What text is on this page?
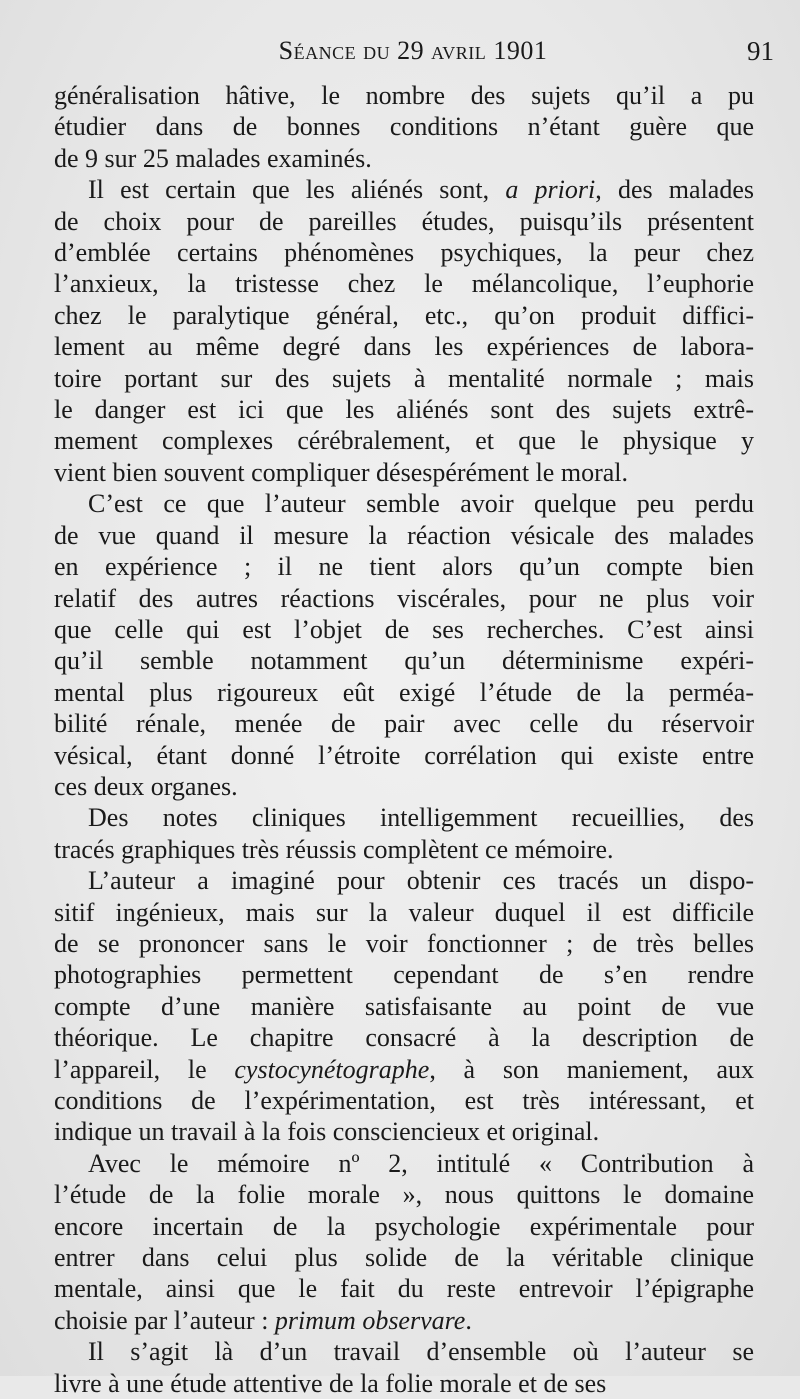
Séance du 29 avril 1901	91
généralisation hâtive, le nombre des sujets qu’il a pu
étudier dans de bonnes conditions n’étant guère que
de 9 sur 25 malades examinés.
Il est certain que les aliénés sont, a priori, des malades
de choix pour de pareilles études, puisqu’ils présentent
d’emblée certains phénomènes psychiques, la peur chez
l’anxieux, la tristesse chez le mélancolique, l’euphorie
chez le paralytique général, etc., qu’on produit diffici-
lement au même degré dans les expériences de labora-
toire portant sur des sujets à mentalité normale ; mais
le danger est ici que les aliénés sont des sujets extrê-
mement complexes cérébralement, et que le physique y
vient bien souvent compliquer désespérément le moral.
C’est ce que l’auteur semble avoir quelque peu perdu
de vue quand il mesure la réaction vésicale des malades
en expérience ; il ne tient alors qu’un compte bien
relatif des autres réactions viscérales, pour ne plus voir
que celle qui est l’objet de ses recherches. C’est ainsi
qu’il semble notamment qu’un déterminisme expéri-
mental plus rigoureux eût exigé l’étude de la perméa-
bilité rénale, menée de pair avec celle du réservoir
vésical, étant donné l’étroite corrélation qui existe entre
ces deux organes.
Des notes cliniques intelligemment recueillies, des
tracés graphiques très réussis complètent ce mémoire.
L’auteur a imaginé pour obtenir ces tracés un dispo-
sitif ingénieux, mais sur la valeur duquel il est difficile
de se prononcer sans le voir fonctionner ; de très belles
photographies permettent cependant de s’en rendre
compte d’une manière satisfaisante au point de vue
théorique. Le chapitre consacré à la description de
l’appareil, le cystocynétographe, à son maniement, aux
conditions de l’expérimentation, est très intéressant, et
indique un travail à la fois consciencieux et original.
Avec le mémoire nº 2, intitulé « Contribution à
l’étude de la folie morale », nous quittons le domaine
encore incertain de la psychologie expérimentale pour
entrer dans celui plus solide de la véritable clinique
mentale, ainsi que le fait du reste entrevoir l’épigraphe
choisie par l’auteur : primum observare.
Il s’agit là d’un travail d’ensemble où l’auteur se
livre à une étude attentive de la folie morale et de ses
